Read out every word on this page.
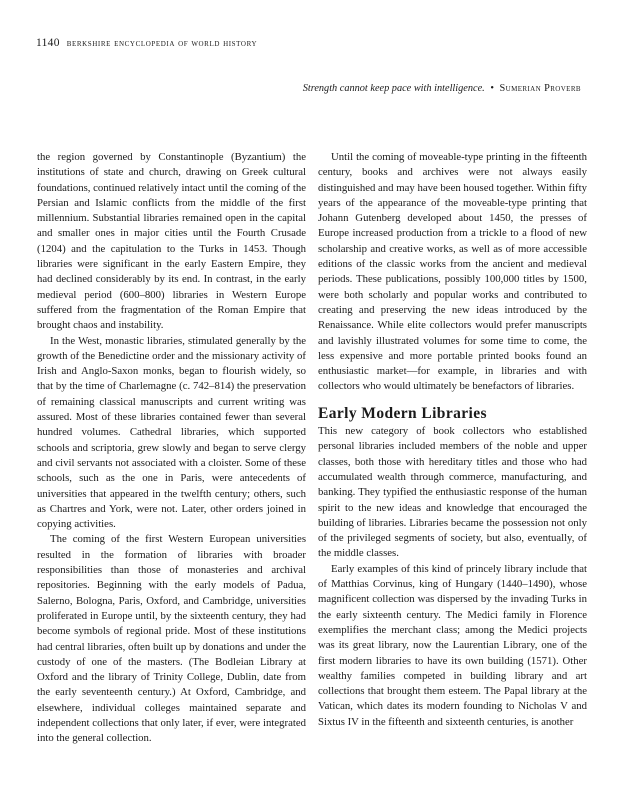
1140 berkshire encyclopedia of world history
Strength cannot keep pace with intelligence. • Sumerian Proverb

the region governed by Constantinople (Byzantium) the institutions of state and church, drawing on Greek cultural foundations, continued relatively intact until the coming of the Persian and Islamic conflicts from the middle of the first millennium. Substantial libraries remained open in the capital and smaller ones in major cities until the Fourth Crusade (1204) and the capitulation to the Turks in 1453. Though libraries were significant in the early Eastern Empire, they had declined considerably by its end. In contrast, in the early medieval period (600–800) libraries in Western Europe suffered from the fragmentation of the Roman Empire that brought chaos and instability.

In the West, monastic libraries, stimulated generally by the growth of the Benedictine order and the missionary activity of Irish and Anglo-Saxon monks, began to flourish widely, so that by the time of Charlemagne (c. 742–814) the preservation of remaining classical manuscripts and current writing was assured. Most of these libraries contained fewer than several hundred volumes. Cathedral libraries, which supported schools and scriptoria, grew slowly and began to serve clergy and civil servants not associated with a cloister. Some of these schools, such as the one in Paris, were antecedents of universities that appeared in the twelfth century; others, such as Chartres and York, were not. Later, other orders joined in copying activities.

The coming of the first Western European universities resulted in the formation of libraries with broader responsibilities than those of monasteries and archival repositories. Beginning with the early models of Padua, Salerno, Bologna, Paris, Oxford, and Cambridge, universities proliferated in Europe until, by the sixteenth century, they had become symbols of regional pride. Most of these institutions had central libraries, often built up by donations and under the custody of one of the masters. (The Bodleian Library at Oxford and the library of Trinity College, Dublin, date from the early seventeenth century.) At Oxford, Cambridge, and elsewhere, individual colleges maintained separate and independent collections that only later, if ever, were integrated into the general collection.

Until the coming of moveable-type printing in the fifteenth century, books and archives were not always easily distinguished and may have been housed together. Within fifty years of the appearance of the moveable-type printing that Johann Gutenberg developed about 1450, the presses of Europe increased production from a trickle to a flood of new scholarship and creative works, as well as of more accessible editions of the classic works from the ancient and medieval periods. These publications, possibly 100,000 titles by 1500, were both scholarly and popular works and contributed to creating and preserving the new ideas introduced by the Renaissance. While elite collectors would prefer manuscripts and lavishly illustrated volumes for some time to come, the less expensive and more portable printed books found an enthusiastic market—for example, in libraries and with collectors who would ultimately be benefactors of libraries.

Early Modern Libraries

This new category of book collectors who established personal libraries included members of the noble and upper classes, both those with hereditary titles and those who had accumulated wealth through commerce, manufacturing, and banking. They typified the enthusiastic response of the human spirit to the new ideas and knowledge that encouraged the building of libraries. Libraries became the possession not only of the privileged segments of society, but also, eventually, of the middle classes.

Early examples of this kind of princely library include that of Matthias Corvinus, king of Hungary (1440–1490), whose magnificent collection was dispersed by the invading Turks in the early sixteenth century. The Medici family in Florence exemplifies the merchant class; among the Medici projects was its great library, now the Laurentian Library, one of the first modern libraries to have its own building (1571). Other wealthy families competed in building library and art collections that brought them esteem. The Papal library at the Vatican, which dates its modern founding to Nicholas V and Sixtus IV in the fifteenth and sixteenth centuries, is another
